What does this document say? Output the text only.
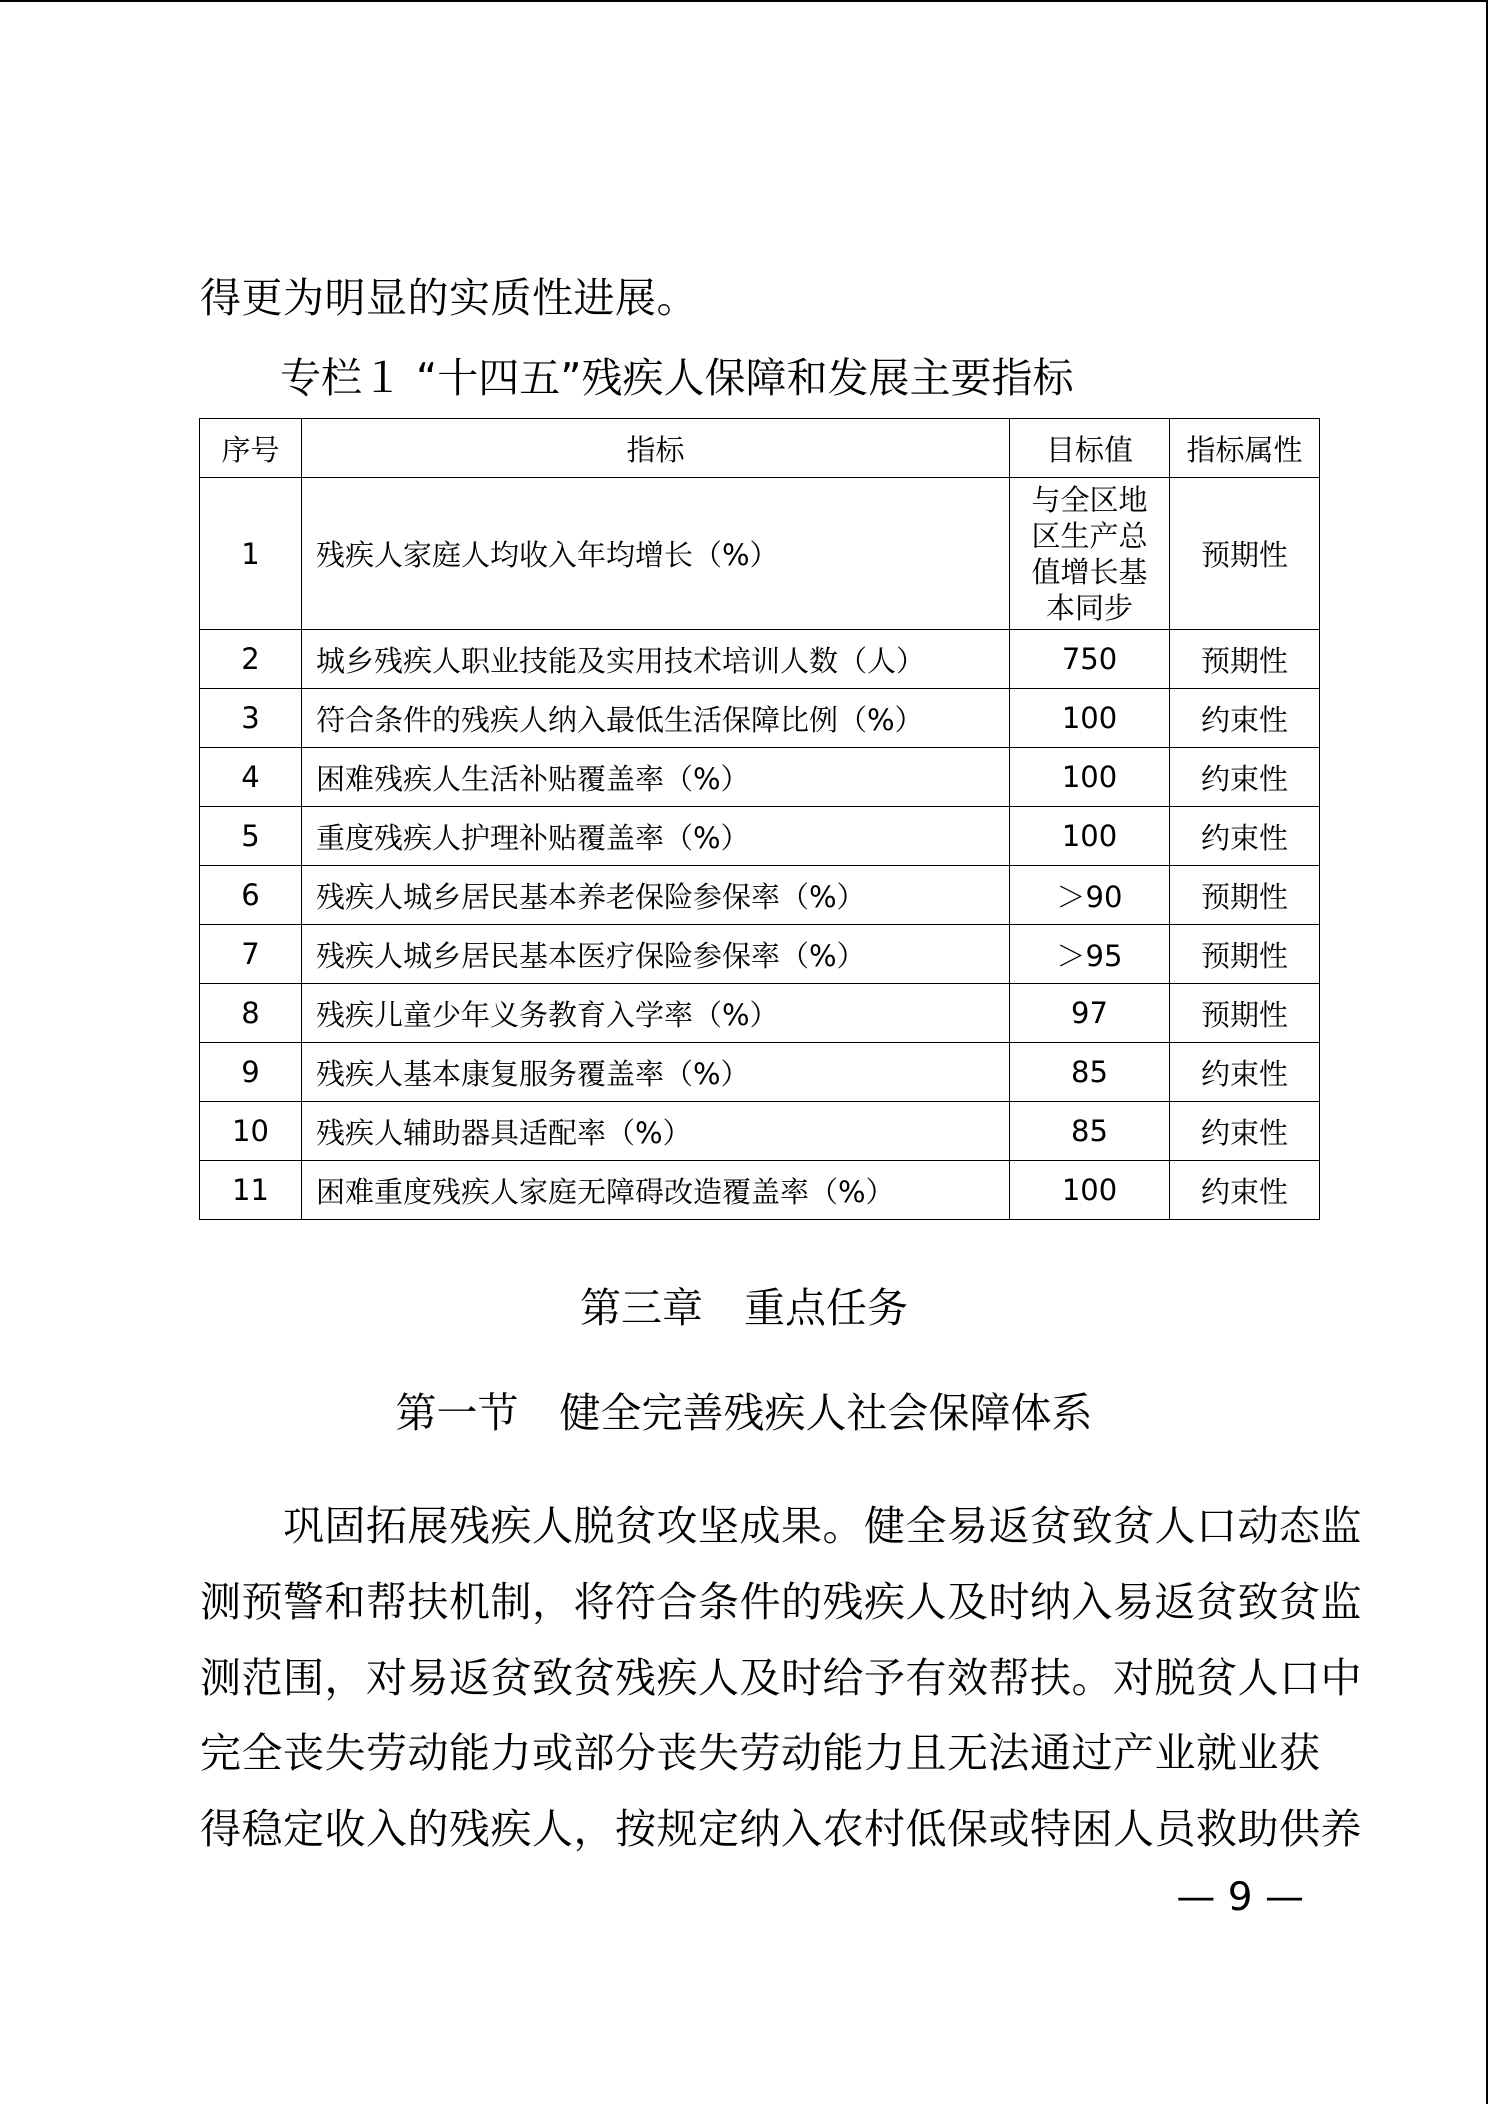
得更为明显的实质性进展。
专栏１ “十四五”残疾人保障和发展主要指标
序号	指标	目标值	指标属性
1	残疾人家庭人均收入年均增长（%）	与全区地区生产总值增长基本同步	预期性
2	城乡残疾人职业技能及实用技术培训人数（人）	750	预期性
3	符合条件的残疾人纳入最低生活保障比例（%）	100	约束性
4	困难残疾人生活补贴覆盖率（%）	100	约束性
5	重度残疾人护理补贴覆盖率（%）	100	约束性
6	残疾人城乡居民基本养老保险参保率（%）	＞90	预期性
7	残疾人城乡居民基本医疗保险参保率（%）	＞95	预期性
8	残疾儿童少年义务教育入学率（%）	97	预期性
9	残疾人基本康复服务覆盖率（%）	85	约束性
10	残疾人辅助器具适配率（%）	85	约束性
11	困难重度残疾人家庭无障碍改造覆盖率（%）	100	约束性
第三章　重点任务
第一节　健全完善残疾人社会保障体系
　　巩固拓展残疾人脱贫攻坚成果。健全易返贫致贫人口动态监
测预警和帮扶机制，将符合条件的残疾人及时纳入易返贫致贫监
测范围，对易返贫致贫残疾人及时给予有效帮扶。对脱贫人口中
完全丧失劳动能力或部分丧失劳动能力且无法通过产业就业获
得稳定收入的残疾人，按规定纳入农村低保或特困人员救助供养
— 9 —
